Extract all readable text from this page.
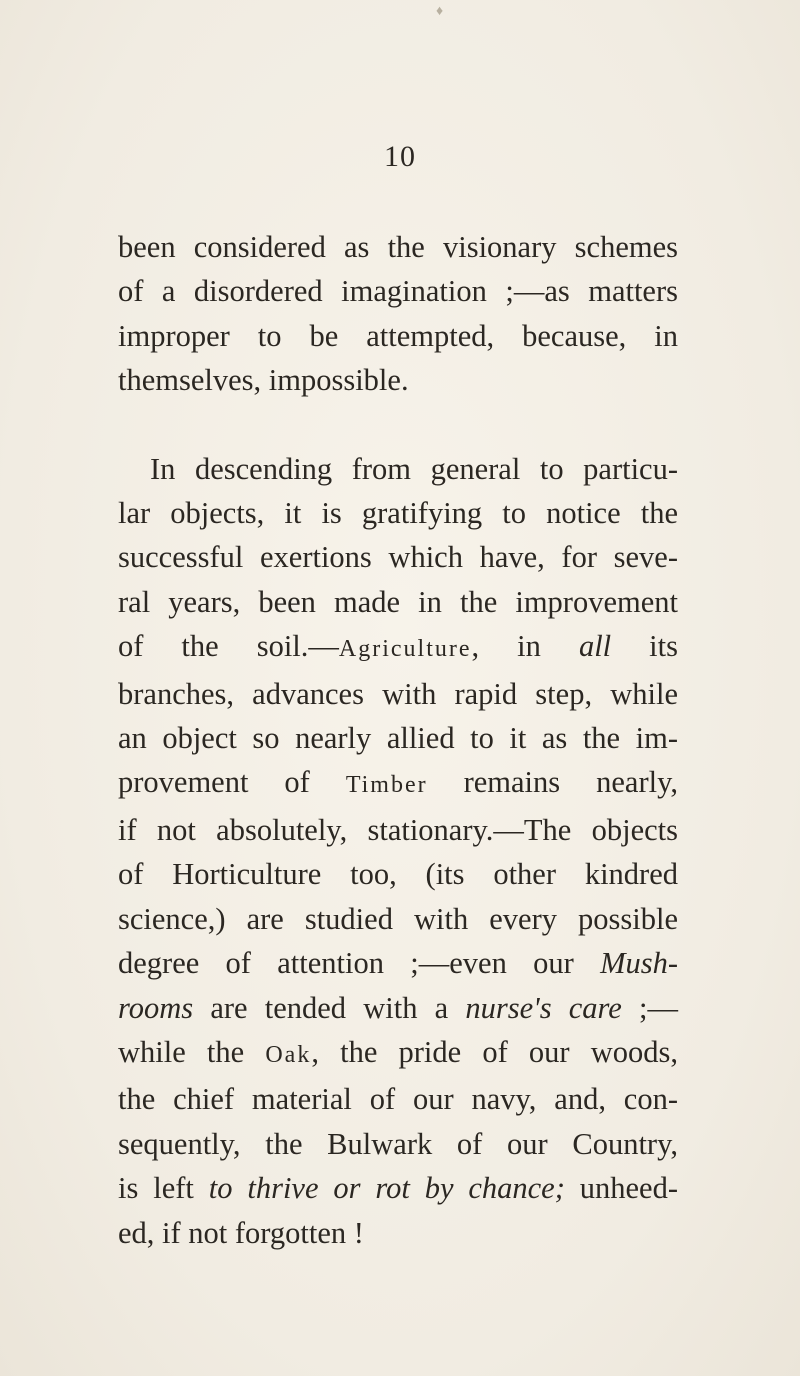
♦
10
been considered as the visionary schemes
of a disordered imagination ;—as matters
improper to be attempted, because, in
themselves, impossible.
In descending from general to particu-
lar objects, it is gratifying to notice the
successful exertions which have, for seve-
ral years, been made in the improvement
of the soil.—Agriculture, in all its
branches, advances with rapid step, while
an object so nearly allied to it as the im-
provement of Timber remains nearly,
if not absolutely, stationary.—The objects
of Horticulture too, (its other kindred
science,) are studied with every possible
degree of attention ;—even our Mush-
rooms are tended with a nurse's care ;—
while the Oak, the pride of our woods,
the chief material of our navy, and, con-
sequently, the Bulwark of our Country,
is left to thrive or rot by chance; unheed-
ed, if not forgotten !
